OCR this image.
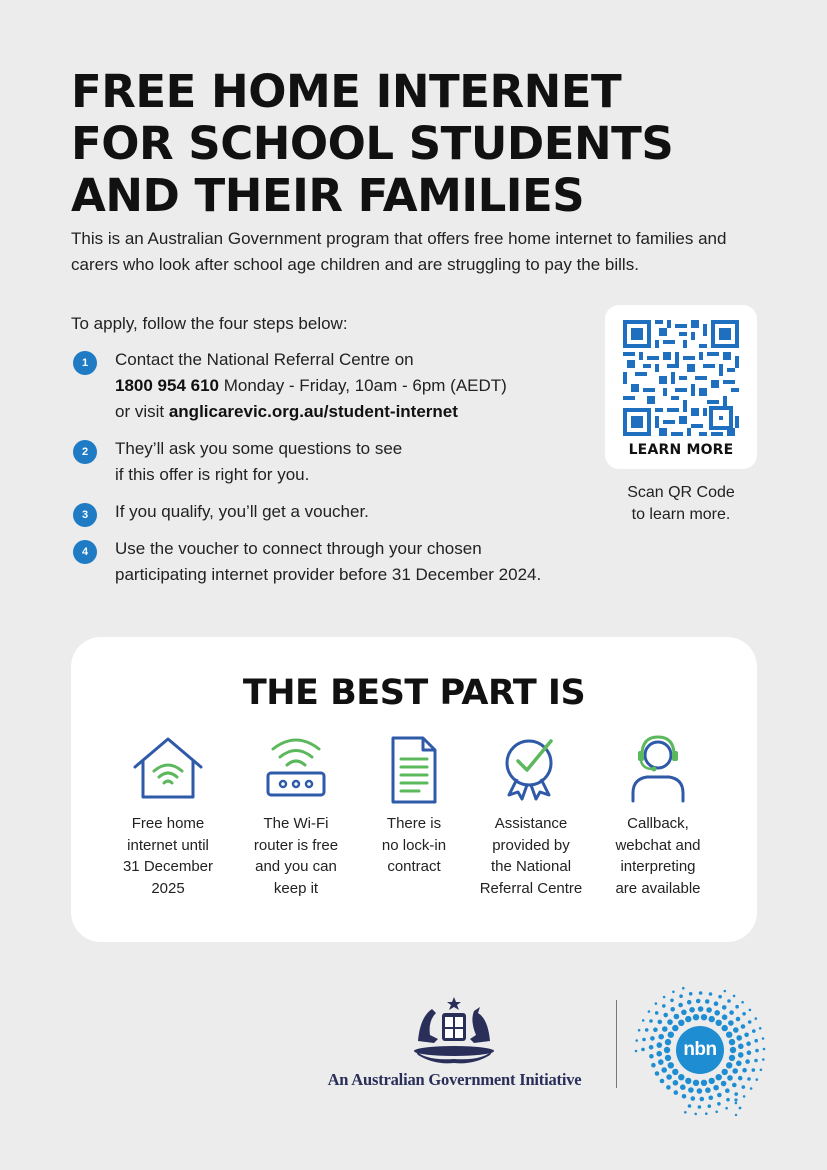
FREE HOME INTERNET
FOR SCHOOL STUDENTS
AND THEIR FAMILIES

This is an Australian Government program that offers free home internet to families and carers who look after school age children and are struggling to pay the bills.

To apply, follow the four steps below:

1	Contact the National Referral Centre on
1800 954 610 Monday - Friday, 10am - 6pm (AEDT)
or visit anglicarevic.org.au/student-internet
2	They’ll ask you some questions to see
if this offer is right for you.
3	If you qualify, you’ll get a voucher.
4	Use the voucher to connect through your chosen
participating internet provider before 31 December 2024.
LEARN MORE
Scan QR Code
to learn more.
THE BEST PART IS
Free home
internet until
31 December
2025
The Wi-Fi
router is free
and you can
keep it
There is
no lock-in
contract
Assistance
provided by
the National
Referral Centre
Callback,
webchat and
interpreting
are available
An Australian Government Initiative
nbn
